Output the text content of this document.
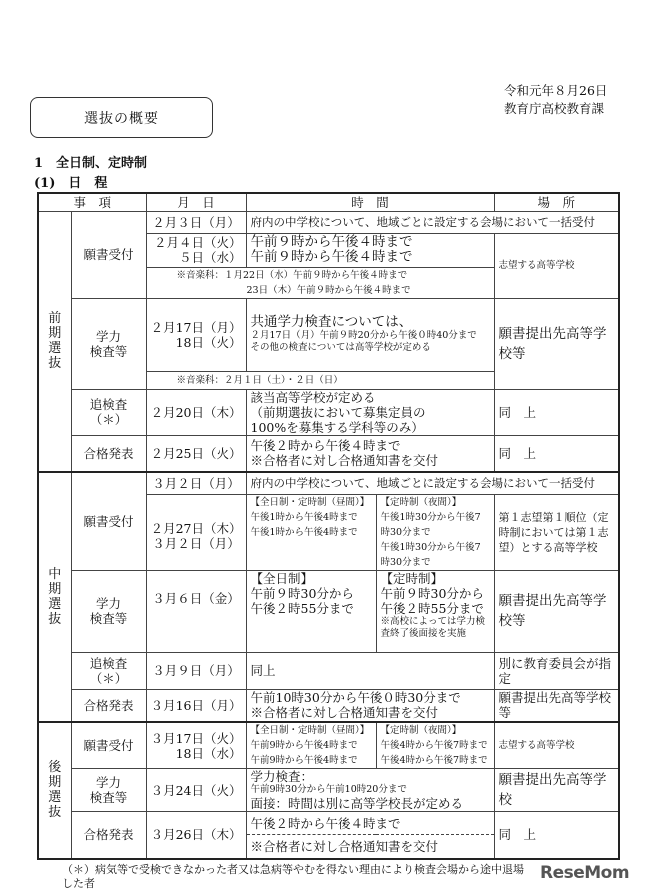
令和元年８月26日
教育庁高校教育課
選抜の概要
1　全日制、定時制
(1)　日　程
事　項		月　日	時　間		場　所

前
期
選
抜	願書受付	２月３日（月）	府内の中学校について、地域ごとに設定する会場において一括受付		

		２月４日（火）
５日（水）	午前９時から午後４時まで
午前９時から午後４時まで		志望する高等学校

		※音楽科：１月22日（水）午前９時から午後４時まで
23日（木）午前９時から午後４時まで			

	学力
検査等	２月17日（月）
18日（火）	共通学力検査については、
２月17日（月）午前９時20分から午後０時40分まで
その他の検査については高等学校が定める		願書提出先高等学校等
		※音楽科：２月１日（土）・２日（日）			

	追検査
（＊）	２月20日（木）	該当高等学校が定める
（前期選抜において募集定員の
100%を募集する学科等のみ）		同　上
	合格発表	２月25日（火）	午後２時から午後４時まで
※合格者に対し合格通知書を交付		同　上

中
期
選
抜	願書受付	３月２日（月）	府内の中学校について、地域ごとに設定する会場において一括受付		

		２月27日（木）
３月２日（月）	【全日制・定時制（昼間）】
午後1時から午後4時まで
午後1時から午後4時まで	【定時制（夜間）】
午後1時30分から午後7時30分まで
午後1時30分から午後7時30分まで	第１志望第１順位（定時制においては第１志望）とする高等学校

	学力
検査等	３月６日（金）	【全日制】
午前９時30分から
午後２時55分まで	【定時制】
午前９時30分から
午後２時55分まで
※高校によっては学力検査終了後面接を実施	願書提出先高等学校等

	追検査
（＊）	３月９日（月）	同上		別に教育委員会が指定
	合格発表	３月16日（月）	午前10時30分から午後０時30分まで
※合格者に対し合格通知書を交付		願書提出先高等学校等

後
期
選
抜	願書受付	３月17日（火）
18日（水）	【全日制・定時制（昼間）】
午前9時から午後4時まで
午前9時から午後4時まで	【定時制（夜間）】
午後4時から午後7時まで
午後4時から午後7時まで	志望する高等学校

	学力
検査等	３月24日（火）	学力検査：
午前9時30分から午前10時20分まで
面接：時間は別に高等学校長が定める		願書提出先高等学校
	合格発表	３月26日（木）	午後２時から午後４時まで		同　上
			※合格者に対し合格通知書を交付		
（＊）病気等で受検できなかった者又は急病等やむを得ない理由により検査会場から途中退場した者
ReseMom
